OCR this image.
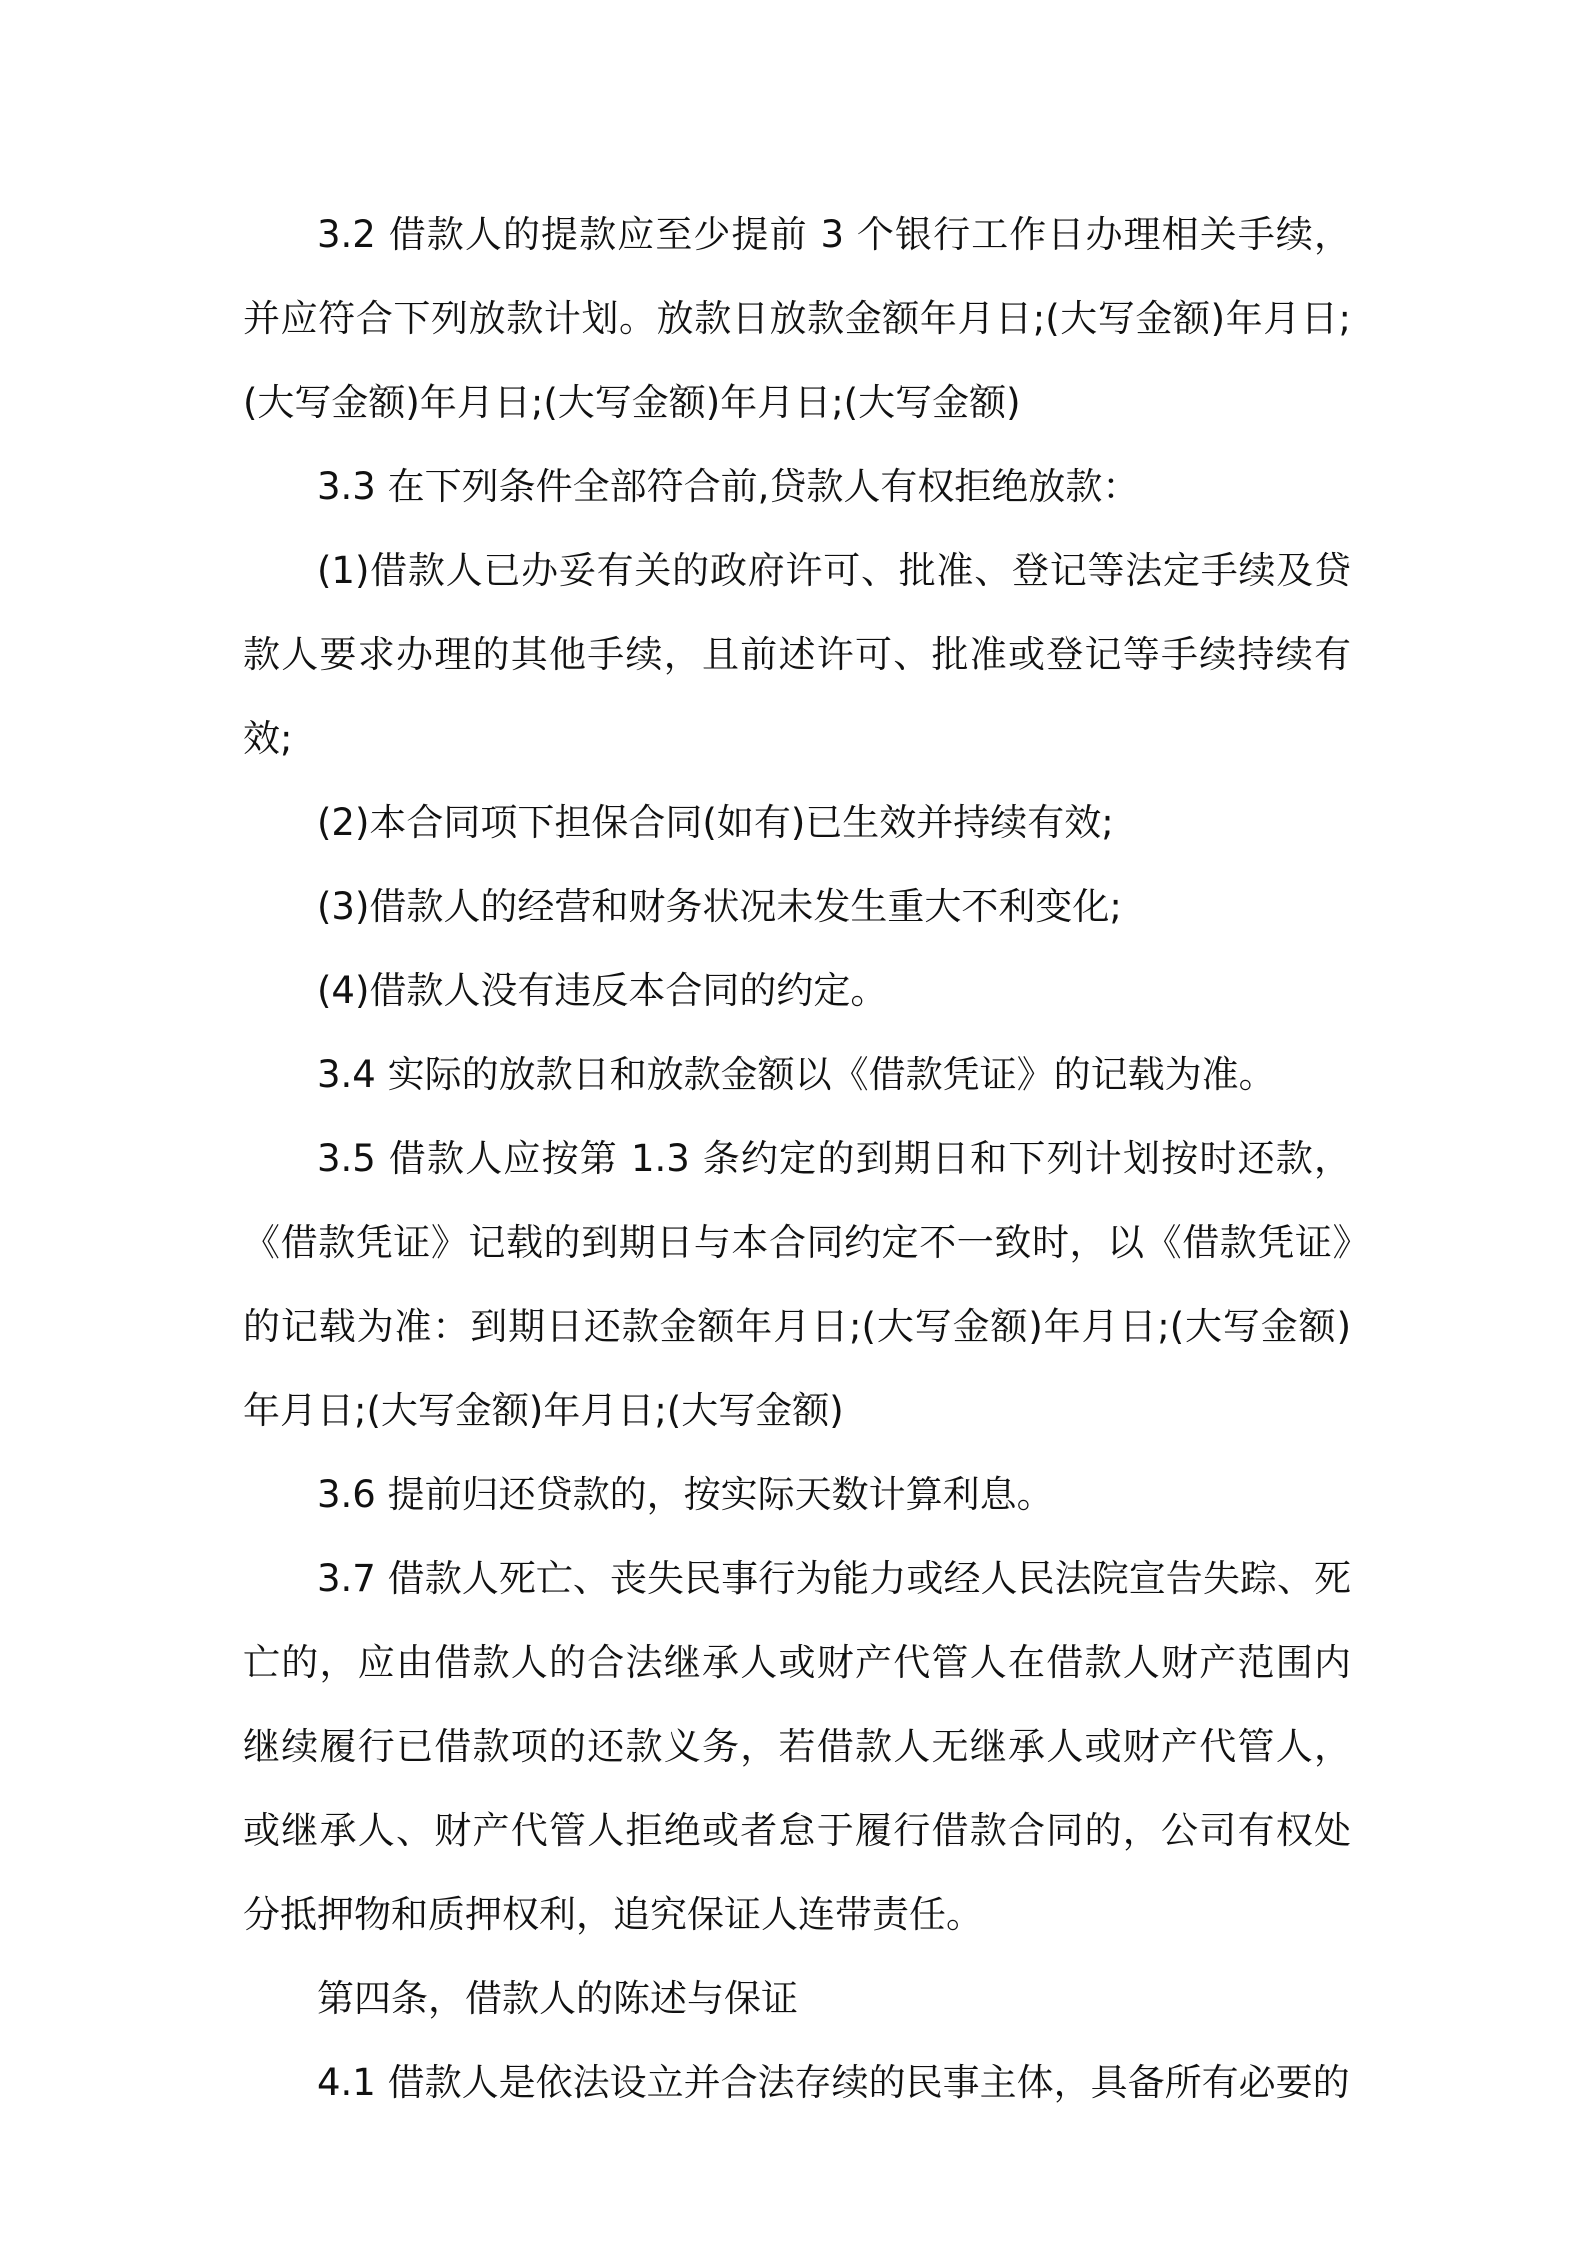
3.2 借款人的提款应至少提前 3 个银行工作日办理相关手续，并应符合下列放款计划。放款日放款金额年月日;(大写金额)年月日;(大写金额)年月日;(大写金额)年月日;(大写金额)

3.3 在下列条件全部符合前,贷款人有权拒绝放款：

(1)借款人已办妥有关的政府许可、批准、登记等法定手续及贷款人要求办理的其他手续，且前述许可、批准或登记等手续持续有效;

(2)本合同项下担保合同(如有)已生效并持续有效;

(3)借款人的经营和财务状况未发生重大不利变化;

(4)借款人没有违反本合同的约定。

3.4 实际的放款日和放款金额以《借款凭证》的记载为准。

3.5 借款人应按第 1.3 条约定的到期日和下列计划按时还款，《借款凭证》记载的到期日与本合同约定不一致时，以《借款凭证》的记载为准：到期日还款金额年月日;(大写金额)年月日;(大写金额)年月日;(大写金额)年月日;(大写金额)

3.6 提前归还贷款的，按实际天数计算利息。

3.7 借款人死亡、丧失民事行为能力或经人民法院宣告失踪、死亡的，应由借款人的合法继承人或财产代管人在借款人财产范围内继续履行已借款项的还款义务，若借款人无继承人或财产代管人，或继承人、财产代管人拒绝或者怠于履行借款合同的，公司有权处分抵押物和质押权利，追究保证人连带责任。

第四条，借款人的陈述与保证

4.1 借款人是依法设立并合法存续的民事主体，具备所有必要的
